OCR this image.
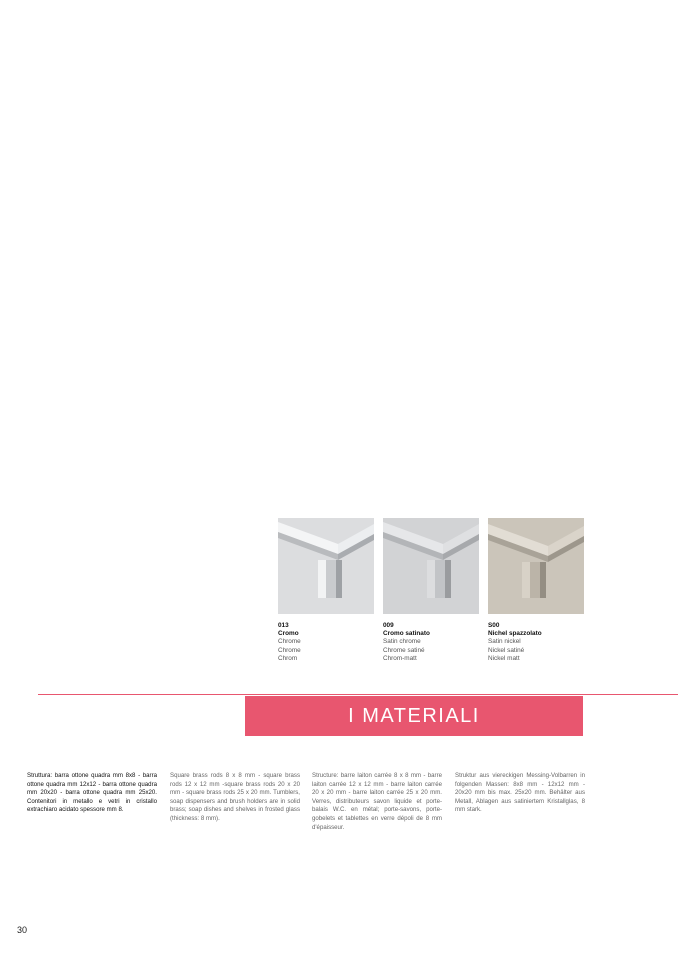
013
Cromo
Chrome
Chrome
Chrom
009
Cromo satinato
Satin chrome
Chrome satiné
Chrom-matt
S00
Nichel spazzolato
Satin nickel
Nickel satiné
Nickel matt
I MATERIALI
Struttura: barra ottone quadra mm 8x8 - barra ottone quadra mm 12x12 - barra ottone quadra mm 20x20 - barra ottone quadra mm 25x20. Contenitori in metallo e vetri in cristallo extrachiaro acidato spessore mm 8.
Square brass rods 8 x 8 mm - square brass rods 12 x 12 mm -square brass rods 20 x 20 mm - square brass rods 25 x 20 mm. Tumblers, soap dispensers and brush holders are in solid brass; soap dishes and shelves in frosted glass (thickness: 8 mm).
Structure: barre laiton carrée 8 x 8 mm - barre laiton carrée 12 x 12 mm - barre laiton carrée 20 x 20 mm - barre laiton carrée 25 x 20 mm. Verres, distributeurs savon liquide et porte-balais W.C. en métal; porte-savons, porte-gobelets et tablettes en verre dépoli de 8 mm d'épaisseur.
Struktur aus viereckigen Messing-Volbarren in folgenden Massen: 8x8 mm - 12x12 mm - 20x20 mm bis max. 25x20 mm. Behälter aus Metall, Ablagen aus satiniertem Kristallglas, 8 mm stark.
30
